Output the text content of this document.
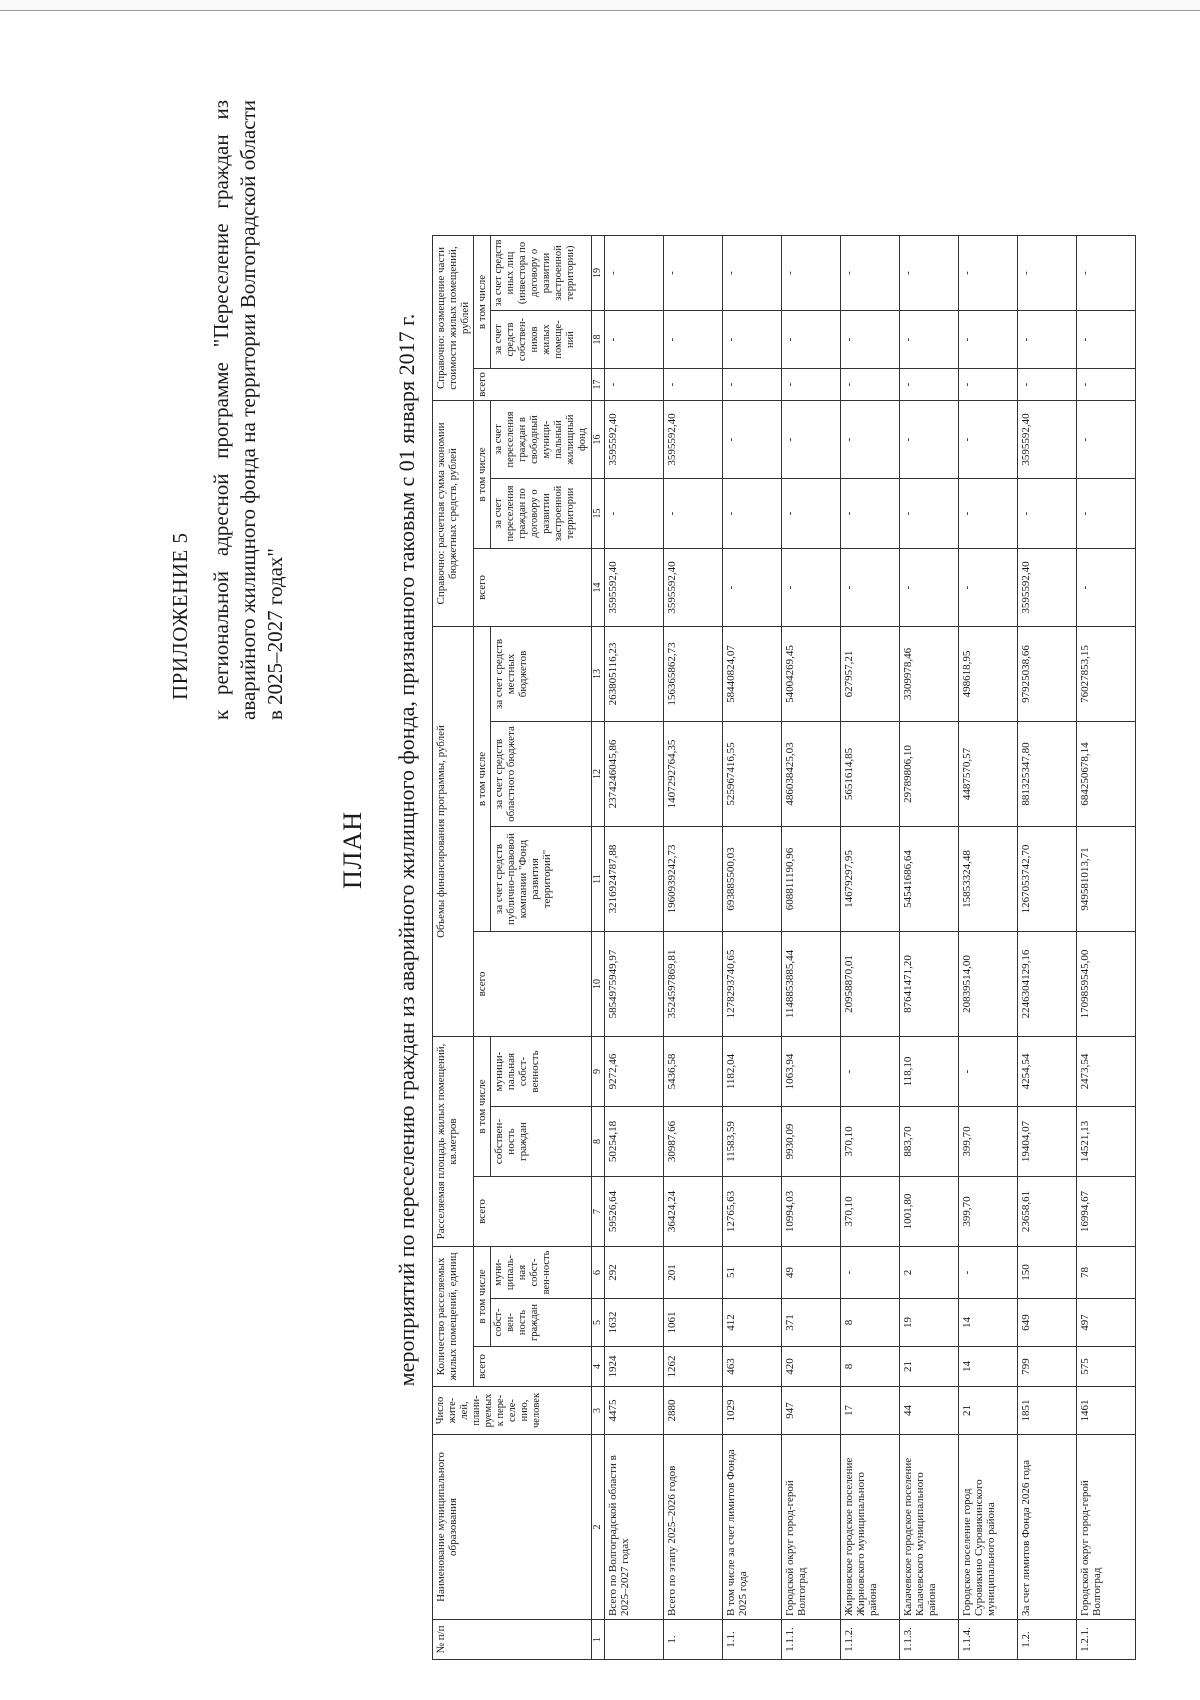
ПРИЛОЖЕНИЕ 5 к региональной адресной программе "Переселение граждан из аварийного жилищного фонда на территории Волгоградской области в 2025–2027 годах"
ПЛАН мероприятий по переселению граждан из аварийного жилищного фонда, признанного таковым с 01 января 2017 г.
№ п/п	Наименование муниципального образования	Число жите-лей, плани-руемых к пере-селе-нию, человек	Количество расселяемых жилых помещений, единиц			Расселяемая площадь жилых помещений, кв.метров			Объемы финансирования программы, рублей				Справочно: расчетная сумма экономии бюджетных средств, рублей			Справочно: возмещение части стоимости жилых помещений, рублей		
			всего	в том числе		всего	в том числе		всего	в том числе			всего	в том числе		всего	в том числе	
				собст-вен-ность граждан	муни-ципаль-ная собст-вен-ность		собствен-ность граждан	муници-пальная собст-венность		за счет средств публично-правовой компании "Фонд развития территорий"	за счет средств областного бюджета	за счет средств местных бюджетов		за счет переселения граждан по договору о развитии застроенной территории	за счет переселения граждан в свободный муници-пальный жилищный фонд		за счет средств собствен-ников жилых помеще-ний	за счет средств иных лиц (инвестора по договору о развитии застроенной территории)
1	2	3	4	5	6	7	8	9	10	11	12	13	14	15	16	17	18	19
	Всего по Волгоградской области в 2025–2027 годах	4475	1924	1632	292	59526,64	50254,18	9272,46	5854975949,97	3216924787,88	2374246045,86	263805116,23	3595592,40	-	3595592,40	-	-	-
1.	Всего по этапу 2025–2026 годов	2880	1262	1061	201	36424,24	30987,66	5436,58	3524597869,81	1960939242,73	1407292764,35	156365862,73	3595592,40	-	3595592,40	-	-	-
1.1.	В том числе за счет лимитов Фонда 2025 года	1029	463	412	51	12765,63	11583,59	1182,04	1278293740,65	693885500,03	525967416,55	58440824,07	-	-	-	-	-	-
1.1.1.	Городской округ город-герой Волгоград	947	420	371	49	10994,03	9930,09	1063,94	1148853885,44	608811190,96	486038425,03	54004269,45	-	-	-	-	-	-
1.1.2.	Жирновское городское поселение Жирновского муниципального района	17	8	8	-	370,10	370,10	-	20958870,01	14679297,95	5651614,85	627957,21	-	-	-	-	-	-
1.1.3.	Калачевское городское поселение Калачевского муниципального района	44	21	19	2	1001,80	883,70	118,10	87641471,20	54541686,64	29789806,10	3309978,46	-	-	-	-	-	-
1.1.4.	Городское поселение город Суровикино Суровикинского муниципального района	21	14	14	-	399,70	399,70	-	20839514,00	15853324,48	4487570,57	498618,95	-	-	-	-	-	-
1.2.	За счет лимитов Фонда 2026 года	1851	799	649	150	23658,61	19404,07	4254,54	2246304129,16	1267053742,70	881325347,80	97925038,66	3595592,40	-	3595592,40	-	-	-
1.2.1.	Городской округ город-герой Волгоград	1461	575	497	78	16994,67	14521,13	2473,54	1709859545,00	949581013,71	684250678,14	76027853,15	-	-	-	-	-	-
